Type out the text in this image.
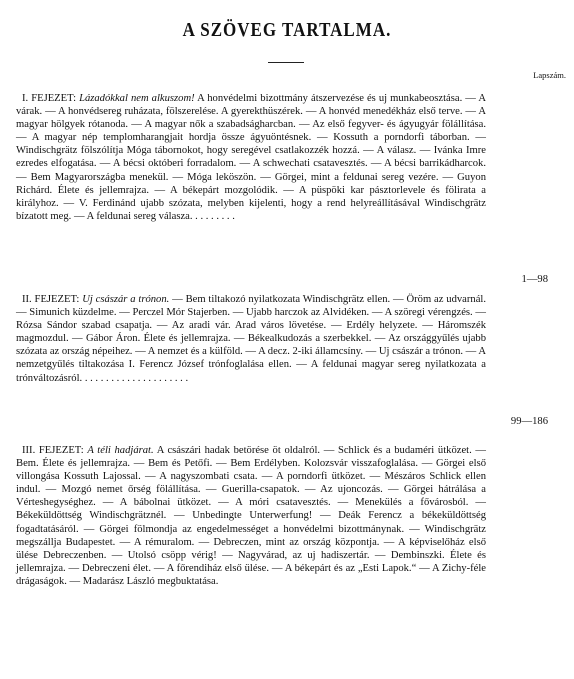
A SZÖVEG TARTALMA.
Lapszám.
I. FEJEZET: Lázadókkal nem alkuszom! A honvédelmi bizottmány átszervezése és uj munkabeosztása. — A várak. — A honvédsereg ruházata, fölszerelése. A gyerekthüszérek. — A honvéd menedékház első terve. — A magyar hölgyek rótanoda. — A magyar nők a szabadságharcban. — Az első fegyver- és ágyugyár fölállítása. — A magyar nép templomharangjait hordja össze ágyuöntésnek. — Kossuth a porndorfi táborban. — Windischgrätz fölszólítja Móga tábornokot, hogy seregével csatlakozzék hozzá. — A válasz. — Ivánka Imre ezredes elfogatása. — A bécsi októberi forradalom. — A schwechati csatavesztés. — A bécsi barrikádharcok. — Bem Magyarországba menekül. — Móga leköszön. — Görgei, mint a feldunai sereg vezére. — Guyon Richárd. Élete és jellemrajza. — A békepárt mozgolódik. — A püspöki kar pásztorlevele és fölirata a királyhoz. — V. Ferdinánd ujabb szózata, melyben kijelenti, hogy a rend helyreállításával Windischgrätz bízatott meg. — A feldunai sereg válasza. . . . . . . . .
1—98
II. FEJEZET: Uj császár a trónon. — Bem tiltakozó nyilatkozata Windischgrätz ellen. — Öröm az udvarnál. — Simunich küzdelme. — Perczel Mór Stajerben. — Ujabb harczok az Alvidéken. — A szöregi vérengzés. — Rózsa Sándor szabad csapatja. — Az aradi vár. Arad város lövetése. — Erdély helyzete. — Háromszék magmozdul. — Gábor Áron. Élete és jellemrajza. — Békealkudozás a szerbekkel. — Az országgyűlés ujabb szózata az ország népeihez. — A nemzet és a külföld. — A decz. 2-iki államcsíny. — Uj császár a trónon. — A nemzetgyűlés tiltakozása I. Ferencz József trónfoglalása ellen. — A feldunai magyar sereg nyilatkozata a trónváltozásról. . . . . . . . . . . . . . . . . . . . .
99—186
III. FEJEZET: A téli hadjárat. A császári hadak betörése öt oldalról. — Schlick és a budaméri ütközet. — Bem. Élete és jellemrajza. — Bem és Petőfi. — Bem Erdélyben. Kolozsvár visszafoglalása. — Görgei első villongása Kossuth Lajossal. — A nagyszombati csata. — A porndorfi ütközet. — Mészáros Schlick ellen indul. — Mozgó nemet őrség fölállítása. — Guerilla-csapatok. — Az ujoncozás. — Görgei hátrálása a Vérteshegységhez. — A bábolnai ütközet. — A móri csatavesztés. — Menekülés a fővárosból. — Békeküldöttség Windischgrätznél. — Unbedingte Unterwerfung! — Deák Ferencz a békeküldöttség fogadtatásáról. — Görgei fölmondja az engedelmességet a honvédelmi bizottmánynak. — Windischgrätz megszállja Budapestet. — A rémuralom. — Debreczen, mint az ország központja. — A képviselőház első ülése Debreczenben. — Utolsó csöpp vérig! — Nagyvárad, az uj hadiszertár. — Dembinszki. Élete és jellemrajza. — Debreczeni élet. — A főrendiház első ülése. — A békepárt és az „Esti Lapok.“ — A Zichy-féle drágaságok. — Madarász László megbuktatása.
